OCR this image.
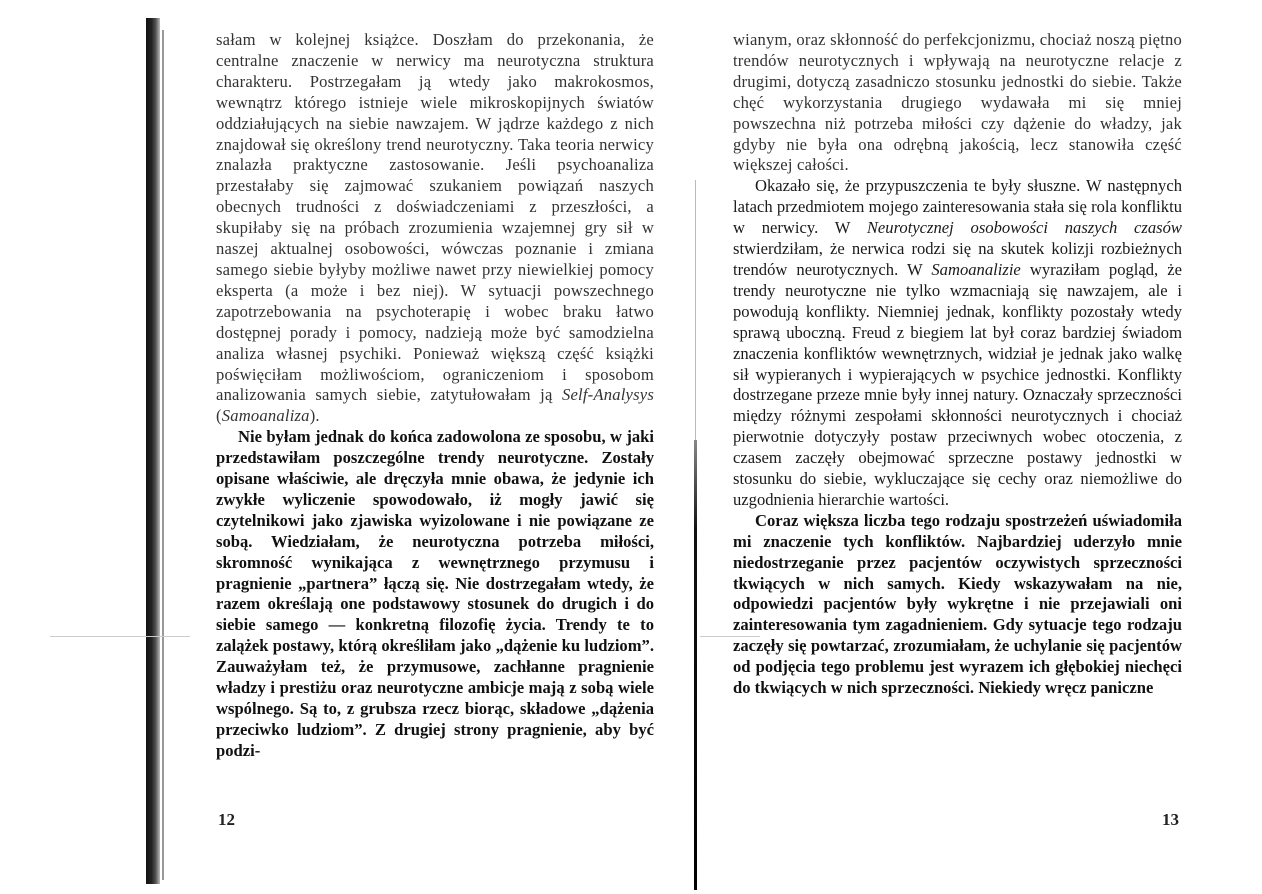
sałam w kolejnej książce. Doszłam do przekonania, że centralne znaczenie w nerwicy ma neurotyczna struktura charakteru. Postrzegałam ją wtedy jako makrokosmos, wewnątrz którego istnieje wiele mikroskopijnych światów oddziałujących na siebie nawzajem. W jądrze każdego z nich znajdował się określony trend neurotyczny. Taka teoria nerwicy znalazła praktyczne zastosowanie. Jeśli psychoanaliza przestałaby się zajmować szukaniem powiązań naszych obecnych trudności z doświadczeniami z przeszłości, a skupiłaby się na próbach zrozumienia wzajemnej gry sił w naszej aktualnej osobowości, wówczas poznanie i zmiana samego siebie byłyby możliwe nawet przy niewielkiej pomocy eksperta (a może i bez niej). W sytuacji powszechnego zapotrzebowania na psychoterapię i wobec braku łatwo dostępnej porady i pomocy, nadzieją może być samodzielna analiza własnej psychiki. Ponieważ większą część książki poświęciłam możliwościom, ograniczeniom i sposobom analizowania samych siebie, zatytułowałam ją Self-Analysys (Samoanaliza).

Nie byłam jednak do końca zadowolona ze sposobu, w jaki przedstawiłam poszczególne trendy neurotyczne. Zostały opisane właściwie, ale dręczyła mnie obawa, że jedynie ich zwykłe wyliczenie spowodowało, iż mogły jawić się czytelnikowi jako zjawiska wyizolowane i nie powiązane ze sobą. Wiedziałam, że neurotyczna potrzeba miłości, skromność wynikająca z wewnętrznego przymusu i pragnienie „partnera” łączą się. Nie dostrzegałam wtedy, że razem określają one podstawowy stosunek do drugich i do siebie samego — konkretną filozofię życia. Trendy te to zalążek postawy, którą określiłam jako „dążenie ku ludziom”. Zauważyłam też, że przymusowe, zachłanne pragnienie władzy i prestiżu oraz neurotyczne ambicje mają z sobą wiele wspólnego. Są to, z grubsza rzecz biorąc, składowe „dążenia przeciwko ludziom”. Z drugiej strony pragnienie, aby być podzi-

12

wianym, oraz skłonność do perfekcjonizmu, chociaż noszą piętno trendów neurotycznych i wpływają na neurotyczne relacje z drugimi, dotyczą zasadniczo stosunku jednostki do siebie. Także chęć wykorzystania drugiego wydawała mi się mniej powszechna niż potrzeba miłości czy dążenie do władzy, jak gdyby nie była ona odrębną jakością, lecz stanowiła część większej całości.

Okazało się, że przypuszczenia te były słuszne. W następnych latach przedmiotem mojego zainteresowania stała się rola konfliktu w nerwicy. W Neurotycznej osobowości naszych czasów stwierdziłam, że nerwica rodzi się na skutek kolizji rozbieżnych trendów neurotycznych. W Samoanalizie wyraziłam pogląd, że trendy neurotyczne nie tylko wzmacniają się nawzajem, ale i powodują konflikty. Niemniej jednak, konflikty pozostały wtedy sprawą uboczną. Freud z biegiem lat był coraz bardziej świadom znaczenia konfliktów wewnętrznych, widział je jednak jako walkę sił wypieranych i wypierających w psychice jednostki. Konflikty dostrzegane przeze mnie były innej natury. Oznaczały sprzeczności między różnymi zespołami skłonności neurotycznych i chociaż pierwotnie dotyczyły postaw przeciwnych wobec otoczenia, z czasem zaczęły obejmować sprzeczne postawy jednostki w stosunku do siebie, wykluczające się cechy oraz niemożliwe do uzgodnienia hierarchie wartości.

Coraz większa liczba tego rodzaju spostrzeżeń uświadomiła mi znaczenie tych konfliktów. Najbardziej uderzyło mnie niedostrzeganie przez pacjentów oczywistych sprzeczności tkwiących w nich samych. Kiedy wskazywałam na nie, odpowiedzi pacjentów były wykrętne i nie przejawiali oni zainteresowania tym zagadnieniem. Gdy sytuacje tego rodzaju zaczęły się powtarzać, zrozumiałam, że uchylanie się pacjentów od podjęcia tego problemu jest wyrazem ich głębokiej niechęci do tkwiących w nich sprzeczności. Niekiedy wręcz paniczne

13
